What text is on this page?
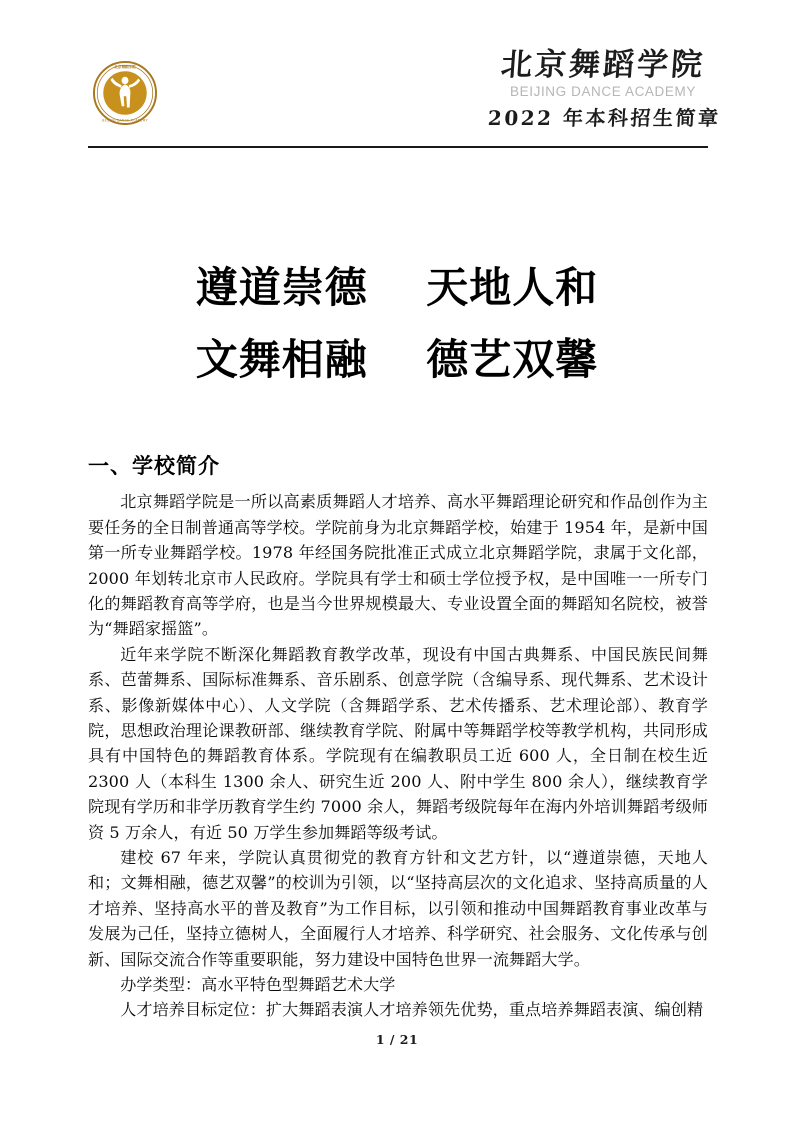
北京舞蹈学院
BEIJING DANCE ACADEMY
北京舞蹈学院
BEIJING DANCE ACADEMY
2022 年本科招生简章
遵道崇德　 天地人和
文舞相融　 德艺双馨
一、学校简介

北京舞蹈学院是一所以高素质舞蹈人才培养、高水平舞蹈理论研究和作品创作为主要任务的全日制普通高等学校。学院前身为北京舞蹈学校，始建于 1954 年，是新中国第一所专业舞蹈学校。1978 年经国务院批准正式成立北京舞蹈学院，隶属于文化部，2000 年划转北京市人民政府。学院具有学士和硕士学位授予权，是中国唯一一所专门化的舞蹈教育高等学府，也是当今世界规模最大、专业设置全面的舞蹈知名院校，被誉为“舞蹈家摇篮”。

近年来学院不断深化舞蹈教育教学改革，现设有中国古典舞系、中国民族民间舞系、芭蕾舞系、国际标准舞系、音乐剧系、创意学院（含编导系、现代舞系、艺术设计系、影像新媒体中心）、人文学院（含舞蹈学系、艺术传播系、艺术理论部）、教育学院，思想政治理论课教研部、继续教育学院、附属中等舞蹈学校等教学机构，共同形成具有中国特色的舞蹈教育体系。学院现有在编教职员工近 600 人，全日制在校生近 2300 人（本科生 1300 余人、研究生近 200 人、附中学生 800 余人），继续教育学院现有学历和非学历教育学生约 7000 余人，舞蹈考级院每年在海内外培训舞蹈考级师资 5 万余人，有近 50 万学生参加舞蹈等级考试。

建校 67 年来，学院认真贯彻党的教育方针和文艺方针，以“遵道崇德，天地人和；文舞相融，德艺双馨”的校训为引领，以“坚持高层次的文化追求、坚持高质量的人才培养、坚持高水平的普及教育”为工作目标，以引领和推动中国舞蹈教育事业改革与发展为己任，坚持立德树人，全面履行人才培养、科学研究、社会服务、文化传承与创新、国际交流合作等重要职能，努力建设中国特色世界一流舞蹈大学。

办学类型：高水平特色型舞蹈艺术大学

人才培养目标定位：扩大舞蹈表演人才培养领先优势，重点培养舞蹈表演、编创精

1 / 21
